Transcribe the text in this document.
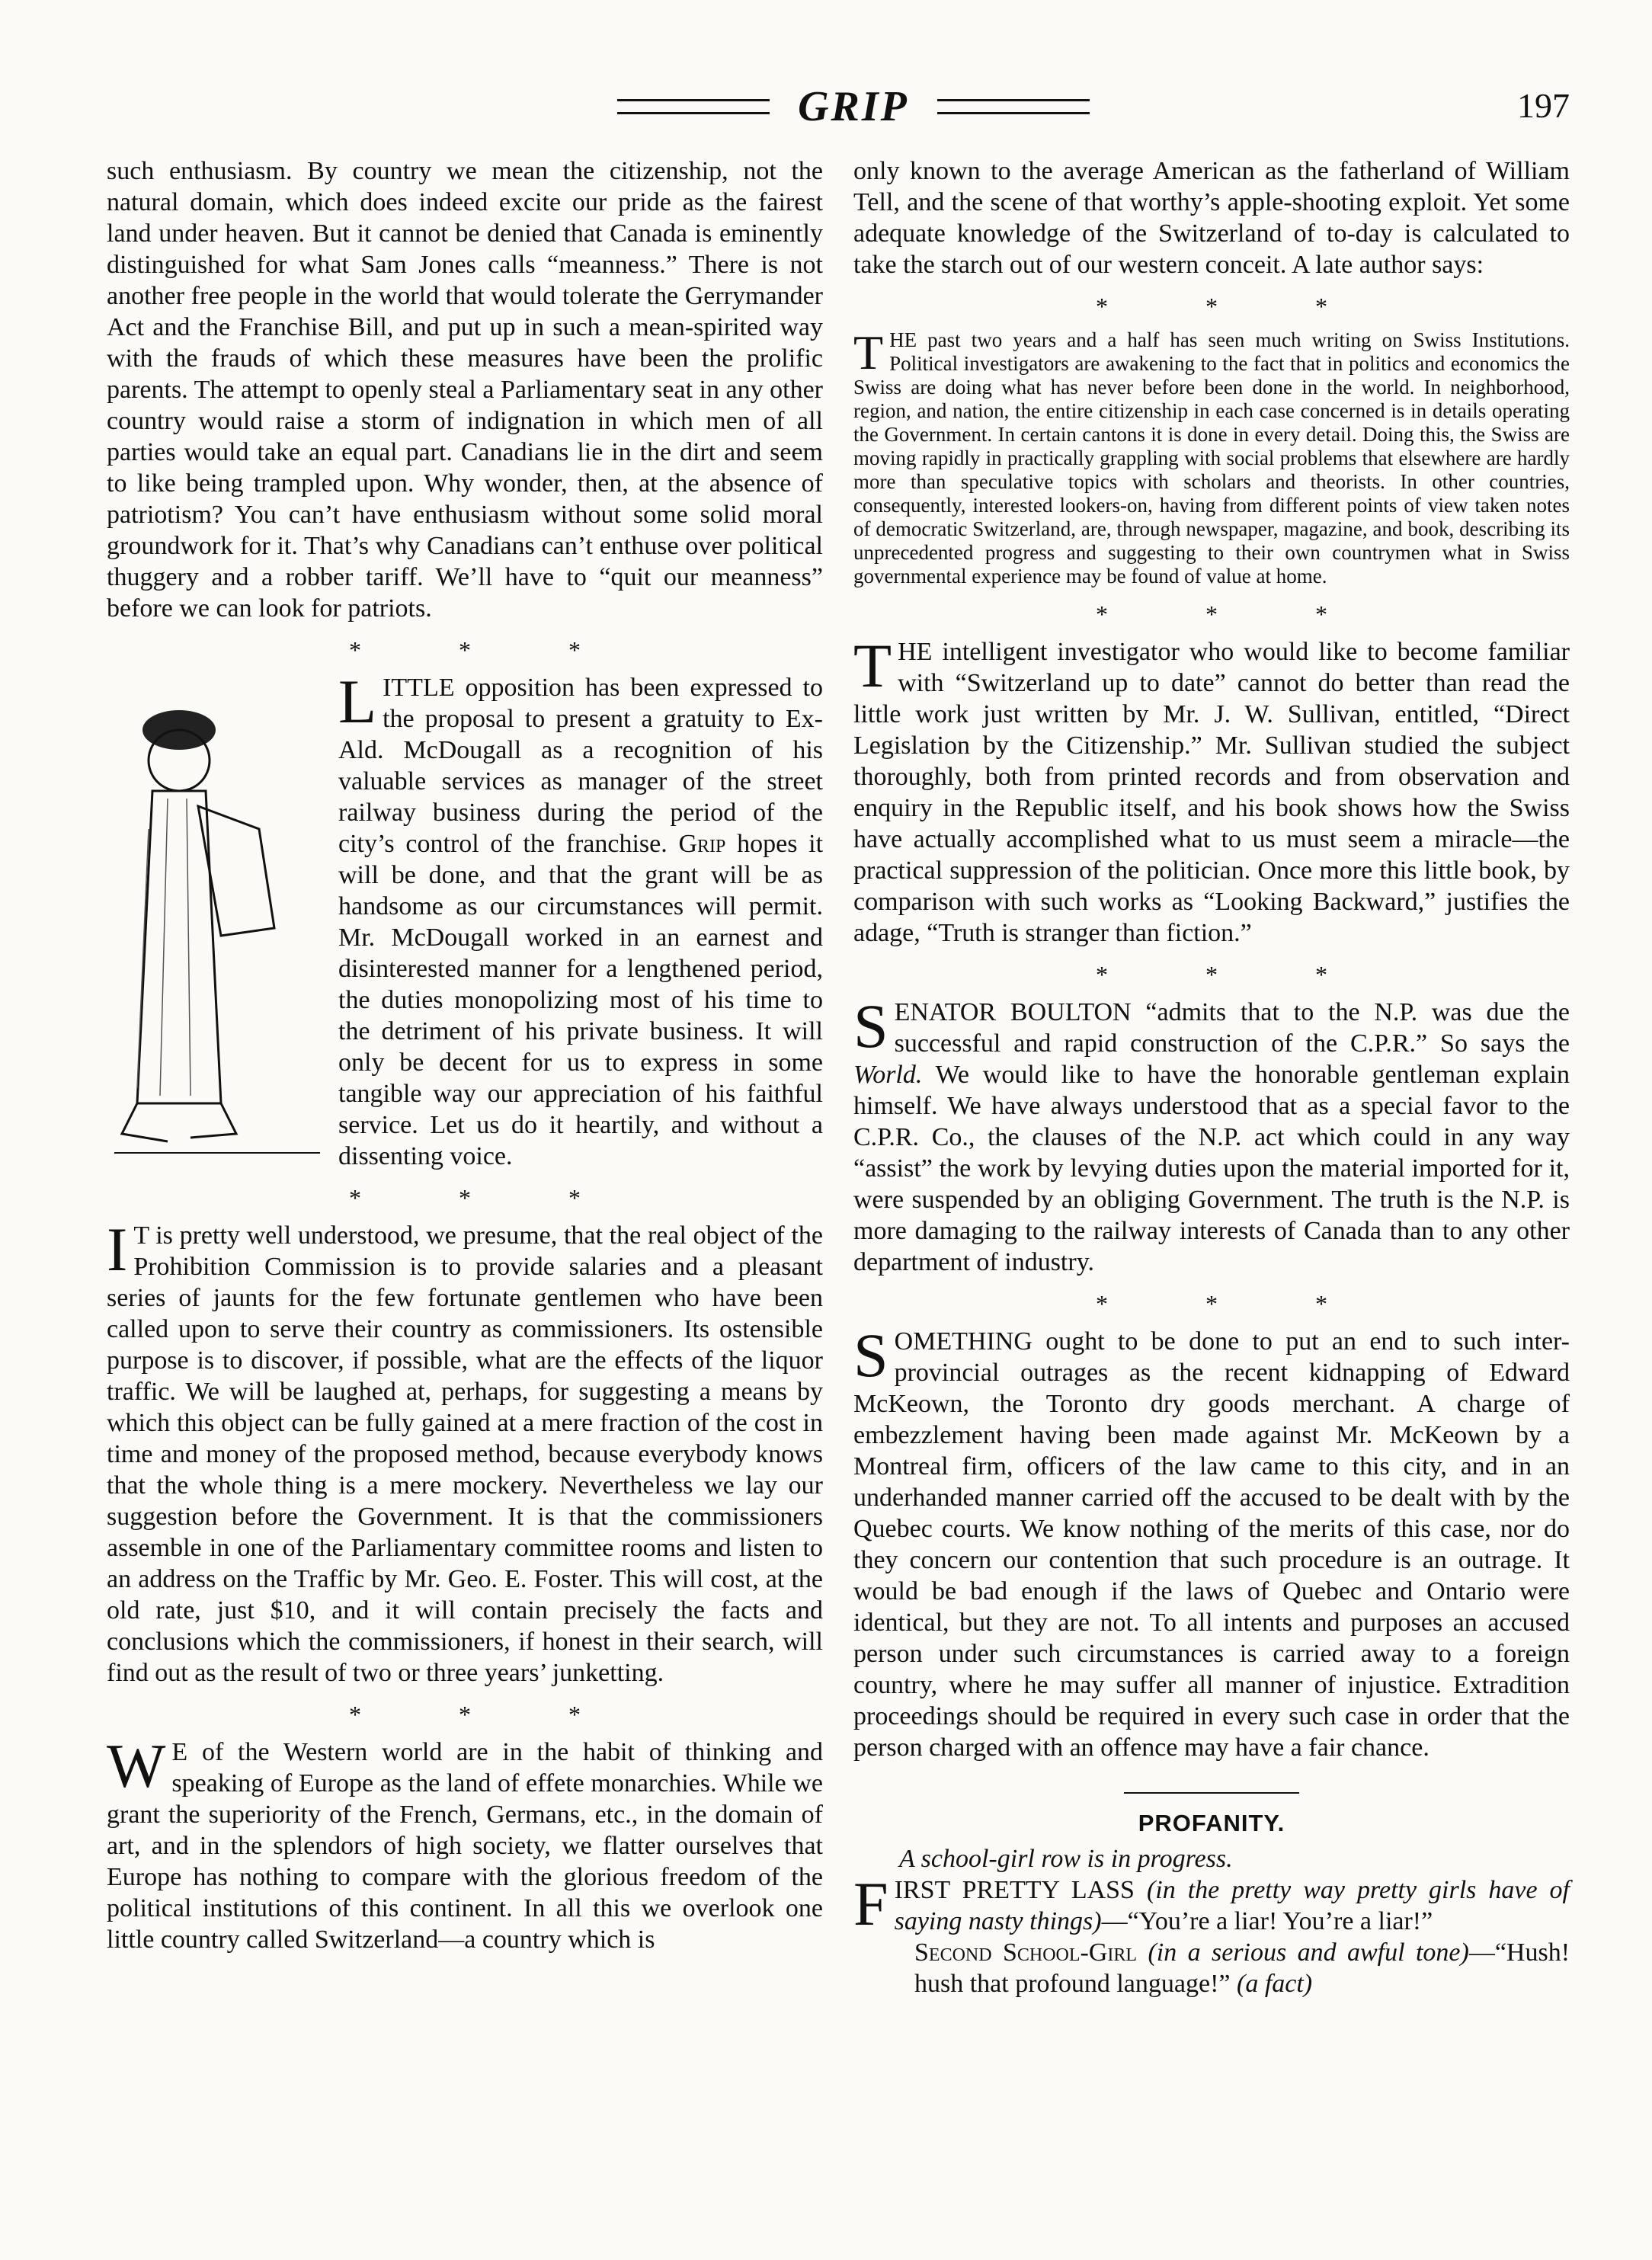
GRIP	197

such enthusiasm. By country we mean the citizenship, not the natural domain, which does indeed excite our pride as the fairest land under heaven. But it cannot be denied that Canada is eminently distinguished for what Sam Jones calls “meanness.” There is not another free people in the world that would tolerate the Gerrymander Act and the Franchise Bill, and put up in such a mean-spirited way with the frauds of which these measures have been the prolific parents. The attempt to openly steal a Parliamentary seat in any other country would raise a storm of indignation in which men of all parties would take an equal part. Canadians lie in the dirt and seem to like being trampled upon. Why wonder, then, at the absence of patriotism? You can’t have enthusiasm without some solid moral groundwork for it. That’s why Canadians can’t enthuse over political thuggery and a robber tariff. We’ll have to “quit our meanness” before we can look for patriots.

* * *

LITTLE opposition has been expressed to the proposal to present a gratuity to Ex-Ald. McDougall as a recognition of his valuable services as manager of the street railway business during the period of the city’s control of the franchise. Grip hopes it will be done, and that the grant will be as handsome as our circumstances will permit. Mr. McDougall worked in an earnest and disinterested manner for a lengthened period, the duties monopolizing most of his time to the detriment of his private business. It will only be decent for us to express in some tangible way our appreciation of his faithful service. Let us do it heartily, and without a dissenting voice.

* * *

I T is pretty well understood, we presume, that the real object of the Prohibition Commission is to provide salaries and a pleasant series of jaunts for the few fortunate gentlemen who have been called upon to serve their country as commissioners. Its ostensible purpose is to discover, if possible, what are the effects of the liquor traffic. We will be laughed at, perhaps, for suggesting a means by which this object can be fully gained at a mere fraction of the cost in time and money of the proposed method, because everybody knows that the whole thing is a mere mockery. Nevertheless we lay our suggestion before the Government. It is that the commissioners assemble in one of the Parliamentary committee rooms and listen to an address on the Traffic by Mr. Geo. E. Foster. This will cost, at the old rate, just $10, and it will contain precisely the facts and conclusions which the commissioners, if honest in their search, will find out as the result of two or three years’ junketting.

* * *

W E of the Western world are in the habit of thinking and speaking of Europe as the land of effete monarchies. While we grant the superiority of the French, Germans, etc., in the domain of art, and in the splendors of high society, we flatter ourselves that Europe has nothing to compare with the glorious freedom of the political institutions of this continent. In all this we overlook one little country called Switzerland—a country which is

only known to the average American as the fatherland of William Tell, and the scene of that worthy’s apple-shooting exploit. Yet some adequate knowledge of the Switzerland of to-day is calculated to take the starch out of our western conceit. A late author says:

* * *

THE past two years and a half has seen much writing on Swiss Institutions. Political investigators are awakening to the fact that in politics and economics the Swiss are doing what has never before been done in the world. In neighborhood, region, and nation, the entire citizenship in each case concerned is in details operating the Government. In certain cantons it is done in every detail. Doing this, the Swiss are moving rapidly in practically grappling with social problems that elsewhere are hardly more than speculative topics with scholars and theorists. In other countries, consequently, interested lookers-on, having from different points of view taken notes of democratic Switzerland, are, through newspaper, magazine, and book, describing its unprecedented progress and suggesting to their own countrymen what in Swiss governmental experience may be found of value at home.

* * *

THE intelligent investigator who would like to become familiar with “Switzerland up to date” cannot do better than read the little work just written by Mr. J. W. Sullivan, entitled, “Direct Legislation by the Citizenship.” Mr. Sullivan studied the subject thoroughly, both from printed records and from observation and enquiry in the Republic itself, and his book shows how the Swiss have actually accomplished what to us must seem a miracle—the practical suppression of the politician. Once more this little book, by comparison with such works as “Looking Backward,” justifies the adage, “Truth is stranger than fiction.”

* * *

SENATOR BOULTON “admits that to the N.P. was due the successful and rapid construction of the C.P.R.” So says the World. We would like to have the honorable gentleman explain himself. We have always understood that as a special favor to the C.P.R. Co., the clauses of the N.P. act which could in any way “assist” the work by levying duties upon the material imported for it, were suspended by an obliging Government. The truth is the N.P. is more damaging to the railway interests of Canada than to any other department of industry.

* * *

SOMETHING ought to be done to put an end to such inter-provincial outrages as the recent kidnapping of Edward McKeown, the Toronto dry goods merchant. A charge of embezzlement having been made against Mr. McKeown by a Montreal firm, officers of the law came to this city, and in an underhanded manner carried off the accused to be dealt with by the Quebec courts. We know nothing of the merits of this case, nor do they concern our contention that such procedure is an outrage. It would be bad enough if the laws of Quebec and Ontario were identical, but they are not. To all intents and purposes an accused person under such circumstances is carried away to a foreign country, where he may suffer all manner of injustice. Extradition proceedings should be required in every such case in order that the person charged with an offence may have a fair chance.

PROFANITY.
A school-girl row is in progress.

FIRST PRETTY LASS (in the pretty way pretty girls have of saying nasty things)—“You’re a liar! You’re a liar!”

Second School-Girl (in a serious and awful tone)—“Hush! hush that profound language!” (a fact)
